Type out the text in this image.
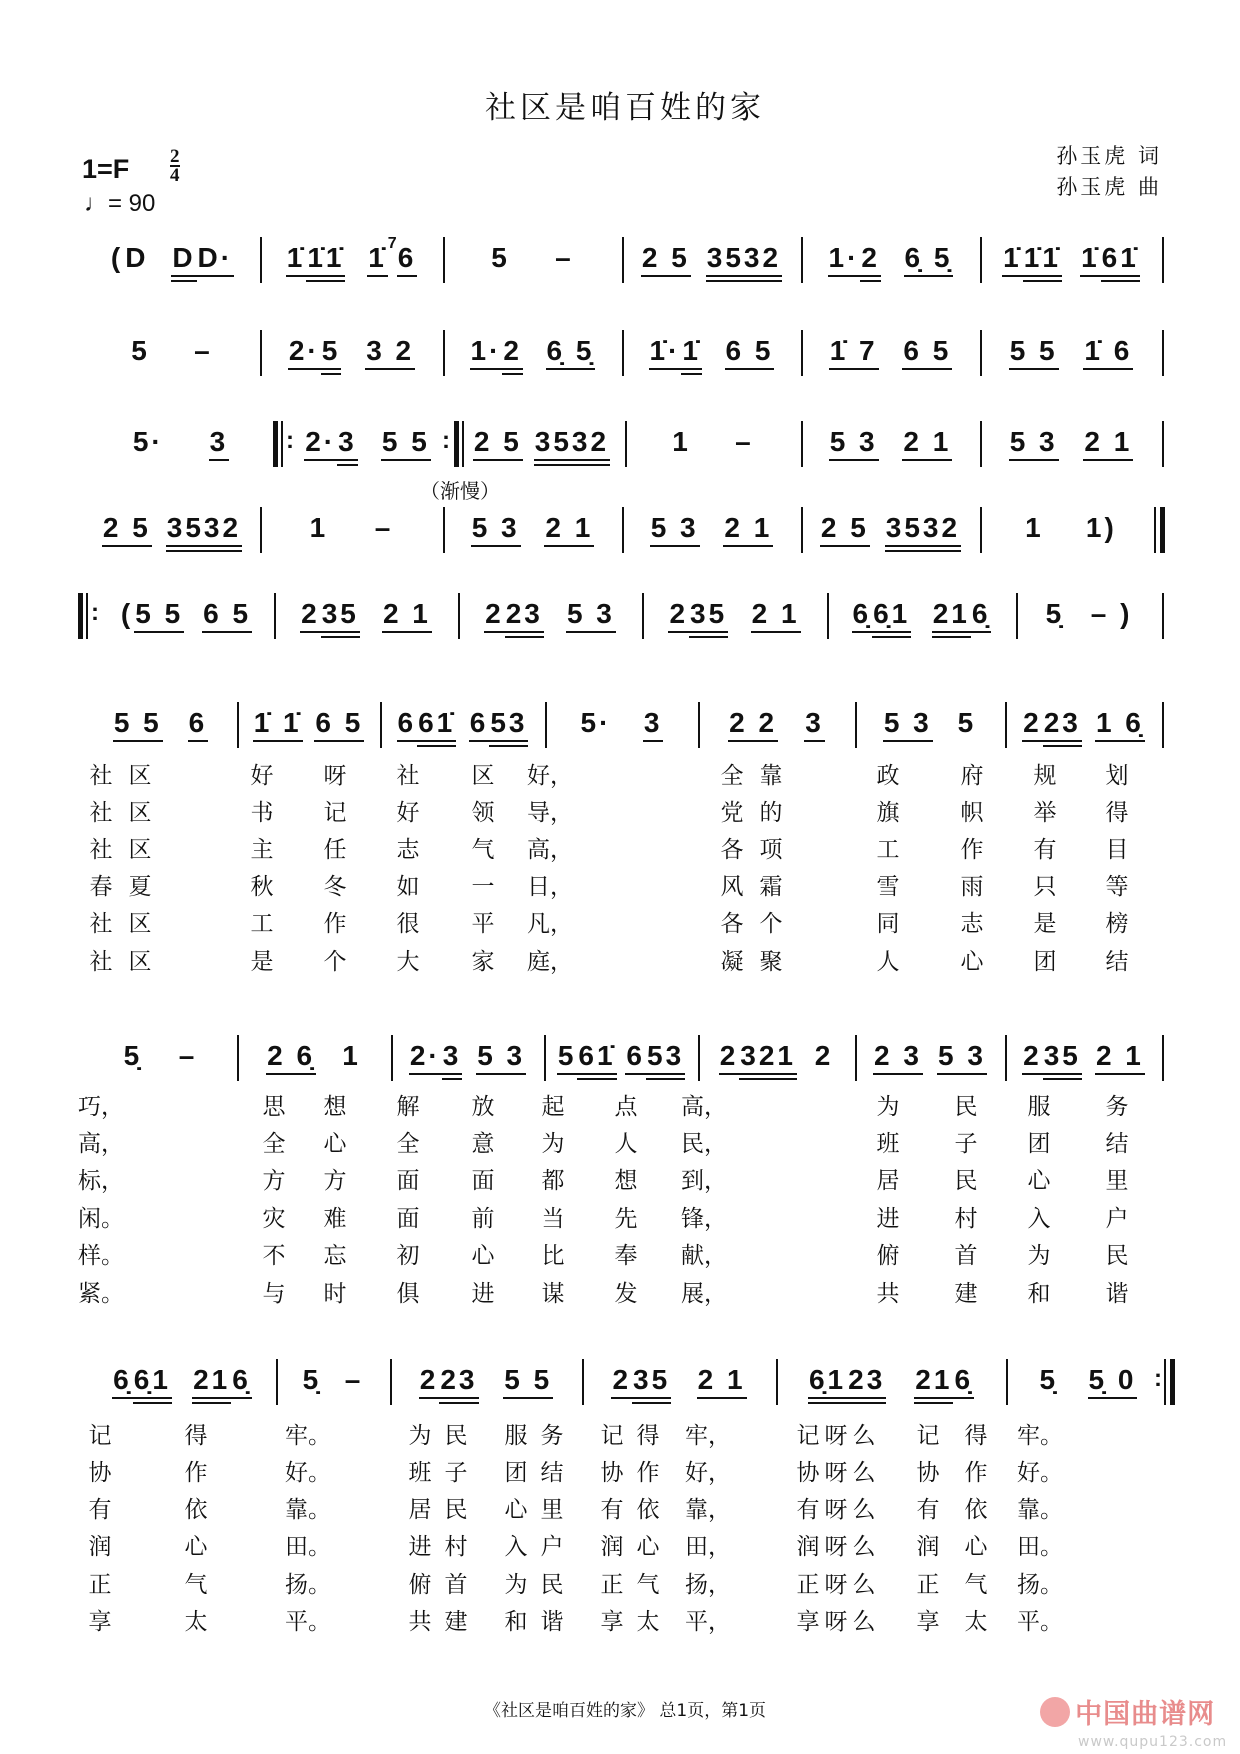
社区是咱百姓的家
$1=F \frac{2}{4}$
♩= 90
孙玉虎 词
孙玉虎 曲
( D D D· 1̇ 1̇1̇ 1̇ 7 6	5 – 2 5 3532 1· 2 6̣ 5̣ 1̇ 1̇1̇ 1̇ 61̇
5 –	2· 5 3 2 1· 2 6̣ 5̣ 1̇· 1̇ 6 5 1̇ 7 6 5 5 5 1̇ 6
5· 3 : 2· 3 5 5 : 2 5 3532 1 –	5 3 2 1 5 3 2 1
（渐慢）
2 5 3532 1 –	5 3 2 1 5 3 2 1 2 5 3532 1 1)
: ( 5 5 6 5 2 35 2 1 2 23 5 3 2 35 2 1 6̣ 6̣1 21 6̣ 5̣ – )
5 5 6 1̇ 1̇ 6 5 6 61̇ 6 53 5· 3 2 2 3 5 3 5 2 23 1 6̣
5̣ – 2 6̣ 1 2· 3 5 3 5 61̇ 6 53 2 321 2 2 3 5 3 2 35 2 1
6̣ 6̣1 21 6̣ 5̣ – 2 23 5 5 2 35 2 1 6̣1 23 21 6̣ 5̣ 5̣ 0 :
社 区	好 呀 社 区 好，	全 靠	政	府 规 划
社 区	书 记 好 领 导，	党 的	旗	帜 举 得
社 区	主 任 志 气 高，	各 项	工	作 有 目
春 夏	秋 冬 如 一 日，	风 霜	雪	雨 只 等
社 区	工 作 很 平 凡，	各 个	同	志 是 榜
社 区	是 个 大 家 庭，	凝 聚	人	心 团 结
巧，	思 想 解 放 起 点 高，	为 民 服 务
高，	全 心 全 意 为 人 民，	班 子 团 结
标，	方 方 面 面 都 想 到，	居 民 心 里
闲。	灾 难 面 前 当 先 锋，	进 村 入 户
样。	不 忘 初 心 比 奉 献，	俯 首 为 民
紧。	与 时 俱 进 谋 发 展，	共 建 和 谐
记	得	牢。	为 民 服 务 记 得 牢，	记 呀 么 记 得 牢。
协	作	好。	班 子 团 结 协 作 好，	协 呀 么 协 作 好。
有	依	靠。	居 民 心 里 有 依 靠，	有 呀 么 有 依 靠。
润	心	田。	进 村 入 户 润 心 田，	润 呀 么 润 心 田。
正	气	扬。	俯 首 为 民 正 气 扬，	正 呀 么 正 气 扬。
享	太	平。	共 建 和 谐 享 太 平，	享 呀 么 享 太 平。
《社区是咱百姓的家》 总1页，第1页	中国曲谱网
www.qupu123.com
